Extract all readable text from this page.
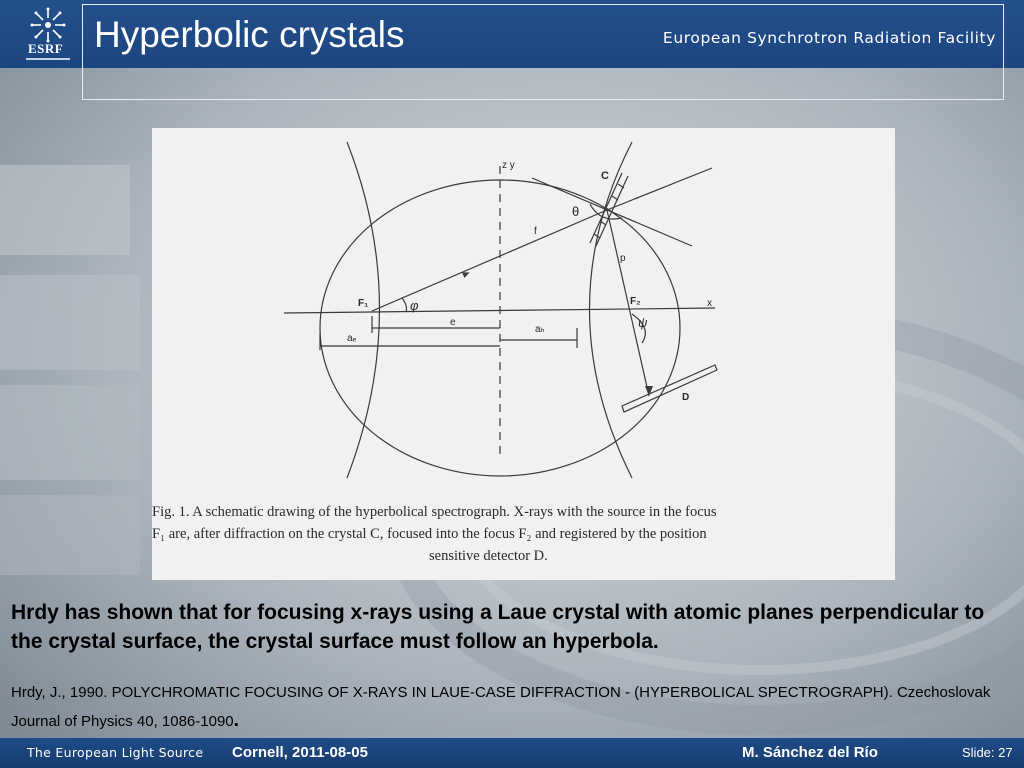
ESRF Hyperbolic crystals	European Synchrotron Radiation Facility
z y
x
C
θ
f
p
F₁	F₂
φ
ψ
e
aₑ
aₕ
D
Fig. 1. A schematic drawing of the hyperbolical spectrograph. X-rays with the source in the focus
F₁ are, after diffraction on the crystal C, focused into the focus F₂ and registered by the position
sensitive detector D.
Hrdy has shown that for focusing x-rays using a Laue crystal with atomic planes perpendicular to the crystal surface, the crystal surface must follow an hyperbola.
Hrdy, J., 1990. POLYCHROMATIC FOCUSING OF X-RAYS IN LAUE-CASE DIFFRACTION - (HYPERBOLICAL SPECTROGRAPH). Czechoslovak Journal of Physics 40, 1086-1090.
The European Light Source Cornell, 2011-08-05	M. Sánchez del Río	Slide: 27
